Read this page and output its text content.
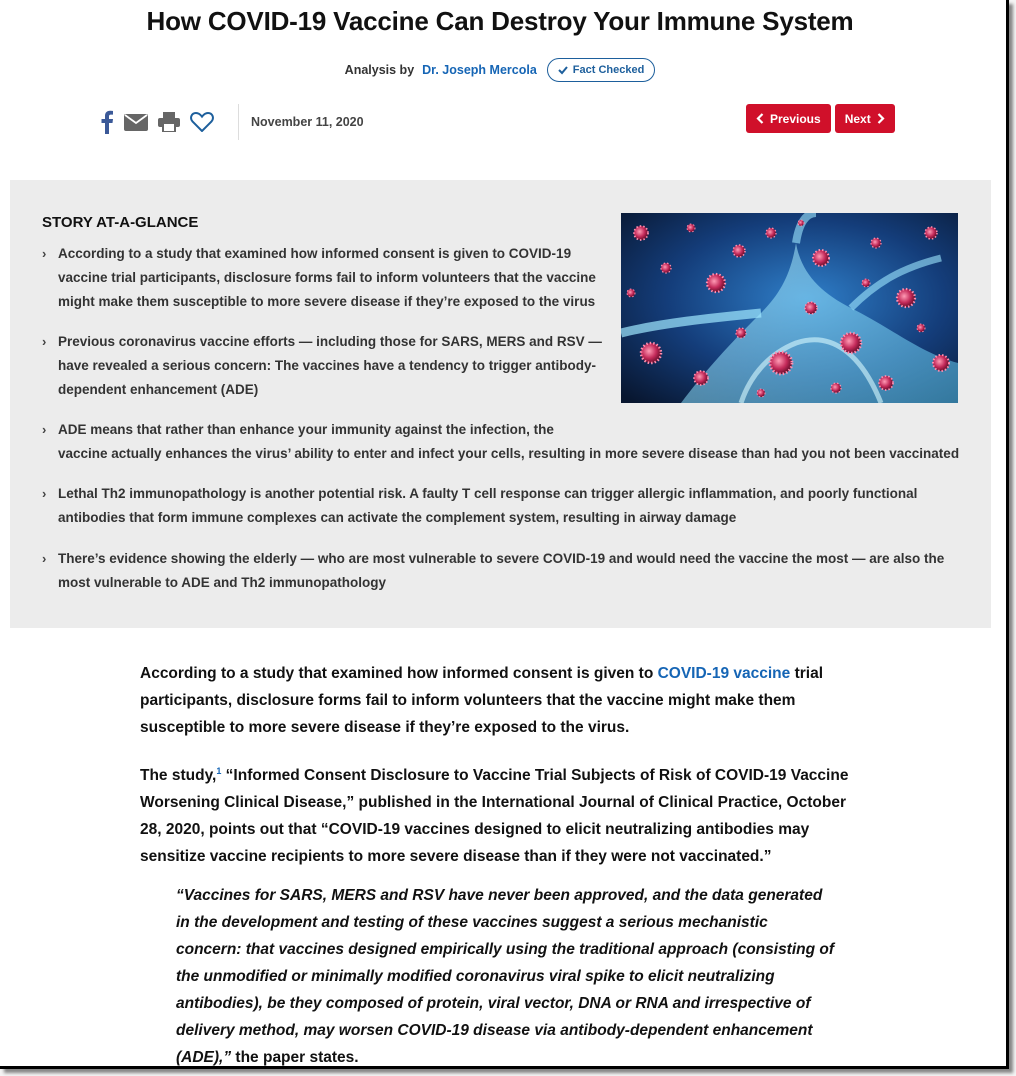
How COVID-19 Vaccine Can Destroy Your Immune System
Analysis by Dr. Joseph Mercola	Fact Checked
November 11, 2020	Previous Next
STORY AT-A-GLANCE
› According to a study that examined how informed consent is given to COVID-19
vaccine trial participants, disclosure forms fail to inform volunteers that the vaccine
might make them susceptible to more severe disease if they’re exposed to the virus
› Previous coronavirus vaccine efforts — including those for SARS, MERS and RSV —
have revealed a serious concern: The vaccines have a tendency to trigger antibody-
dependent enhancement (ADE)
› ADE means that rather than enhance your immunity against the infection, the
vaccine actually enhances the virus’ ability to enter and infect your cells, resulting in more severe disease than had you not been vaccinated
› Lethal Th2 immunopathology is another potential risk. A faulty T cell response can trigger allergic inflammation, and poorly functional
antibodies that form immune complexes can activate the complement system, resulting in airway damage
› There’s evidence showing the elderly — who are most vulnerable to severe COVID-19 and would need the vaccine the most — are also the
most vulnerable to ADE and Th2 immunopathology

According to a study that examined how informed consent is given to COVID-19 vaccine trial participants, disclosure forms fail to inform volunteers that the vaccine might make them susceptible to more severe disease if they’re exposed to the virus.

The study,$^1$ “Informed Consent Disclosure to Vaccine Trial Subjects of Risk of COVID-19 Vaccine Worsening Clinical Disease,” published in the International Journal of Clinical Practice, October 28, 2020, points out that “COVID-19 vaccines designed to elicit neutralizing antibodies may sensitize vaccine recipients to more severe disease than if they were not vaccinated.”

“Vaccines for SARS, MERS and RSV have never been approved, and the data generated in the development and testing of these vaccines suggest a serious mechanistic concern: that vaccines designed empirically using the traditional approach (consisting of the unmodified or minimally modified coronavirus viral spike to elicit neutralizing antibodies), be they composed of protein, viral vector, DNA or RNA and irrespective of delivery method, may worsen COVID-19 disease via antibody-dependent enhancement (ADE),” the paper states.
